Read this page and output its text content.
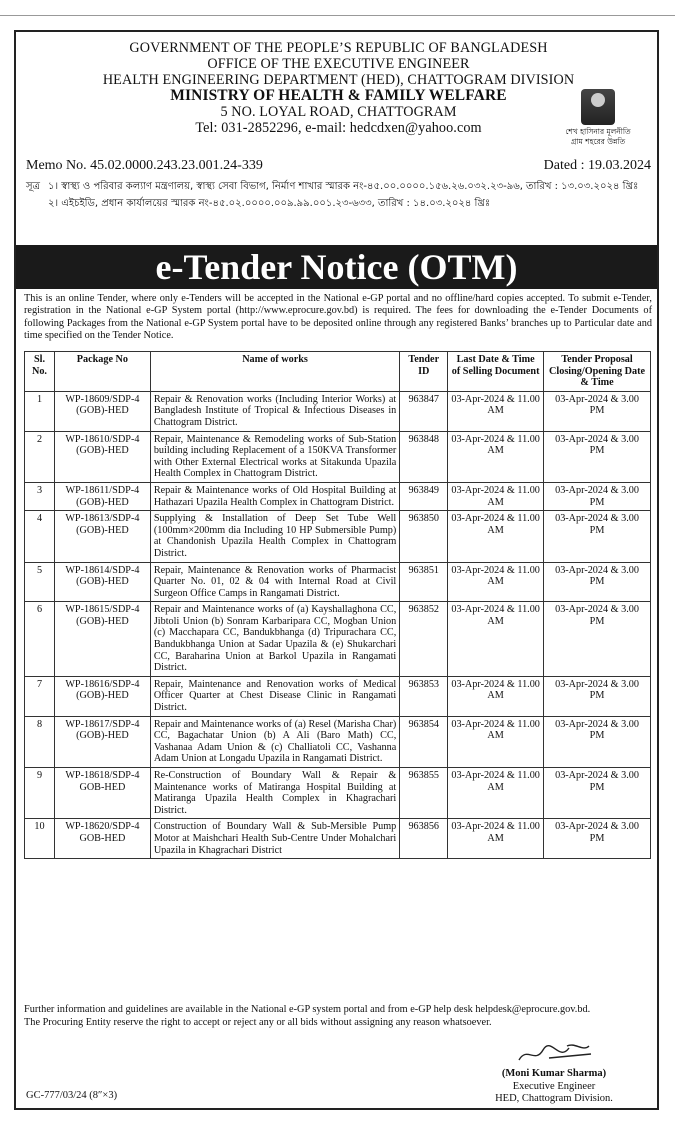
GOVERNMENT OF THE PEOPLE’S REPUBLIC OF BANGLADESH
OFFICE OF THE EXECUTIVE ENGINEER
HEALTH ENGINEERING DEPARTMENT (HED), CHATTOGRAM DIVISION
MINISTRY OF HEALTH & FAMILY WELFARE
5 NO. LOYAL ROAD, CHATTOGRAM
Tel: 031-2852296, e-mail: hedcdxen@yahoo.com	শেখ হাসিনার মূলনীতি গ্রাম শহরের উন্নতি
Memo No. 45.02.0000.243.23.001.24-339	Dated : 19.03.2024
সূত্র ১। স্বাস্থ্য ও পরিবার কল্যাণ মন্ত্রণালয়, স্বাস্থ্য সেবা বিভাগ, নির্মাণ শাখার স্মারক নং-৪৫.০০.০০০০.১৫৬.২৬.০৩২.২৩-৯৬, তারিখ : ১৩.০৩.২০২৪ খ্রিঃ
২। এইচইডি, প্রধান কার্যালয়ের স্মারক নং-৪৫.০২.০০০০.০০৯.৯৯.০০১.২৩-৬৩৩, তারিখ : ১৪.০৩.২০২৪ খ্রিঃ
e-Tender Notice (OTM)
This is an online Tender, where only e-Tenders will be accepted in the National e-GP portal and no offline/hard copies accepted. To submit e-Tender, registration in the National e-GP System portal (http://www.eprocure.gov.bd) is required. The fees for downloading the e-Tender Documents of following Packages from the National e-GP System portal have to be deposited online through any registered Banks’ branches up to Particular date and time specified on the Tender Notice.
Sl. No.	Package No	Name of works	Tender ID	Last Date & Time of Selling Document	Tender Proposal Closing/Opening Date & Time
1	WP-18609/SDP-4 (GOB)-HED	Repair & Renovation works (Including Interior Works) at Bangladesh Institute of Tropical & Infectious Diseases in Chattogram District.	963847	03-Apr-2024 & 11.00 AM	03-Apr-2024 & 3.00 PM
2	WP-18610/SDP-4 (GOB)-HED	Repair, Maintenance & Remodeling works of Sub-Station building including Replacement of a 150KVA Transformer with Other External Electrical works at Sitakunda Upazila Health Complex in Chattogram District.	963848	03-Apr-2024 & 11.00 AM	03-Apr-2024 & 3.00 PM
3	WP-18611/SDP-4 (GOB)-HED	Repair & Maintenance works of Old Hospital Building at Hathazari Upazila Health Complex in Chattogram District.	963849	03-Apr-2024 & 11.00 AM	03-Apr-2024 & 3.00 PM
4	WP-18613/SDP-4 (GOB)-HED	Supplying & Installation of Deep Set Tube Well (100mm×200mm dia Including 10 HP Submersible Pump) at Chandonish Upazila Health Complex in Chattogram District.	963850	03-Apr-2024 & 11.00 AM	03-Apr-2024 & 3.00 PM
5	WP-18614/SDP-4 (GOB)-HED	Repair, Maintenance & Renovation works of Pharmacist Quarter No. 01, 02 & 04 with Internal Road at Civil Surgeon Office Camps in Rangamati District.	963851	03-Apr-2024 & 11.00 AM	03-Apr-2024 & 3.00 PM
6	WP-18615/SDP-4 (GOB)-HED	Repair and Maintenance works of (a) Kayshallaghona CC, Jibtoli Union (b) Sonram Karbaripara CC, Mogban Union (c) Macchapara CC, Bandukbhanga (d) Tripurachara CC, Bandukbhanga Union at Sadar Upazila & (e) Shukarchari CC, Baraharina Union at Barkol Upazila in Rangamati District.	963852	03-Apr-2024 & 11.00 AM	03-Apr-2024 & 3.00 PM
7	WP-18616/SDP-4 (GOB)-HED	Repair, Maintenance and Renovation works of Medical Officer Quarter at Chest Disease Clinic in Rangamati District.	963853	03-Apr-2024 & 11.00 AM	03-Apr-2024 & 3.00 PM
8	WP-18617/SDP-4 (GOB)-HED	Repair and Maintenance works of (a) Resel (Marisha Char) CC, Bagachatar Union (b) A Ali (Baro Math) CC, Vashanaa Adam Union & (c) Challiatoli CC, Vashanna Adam Union at Longadu Upazila in Rangamati District.	963854	03-Apr-2024 & 11.00 AM	03-Apr-2024 & 3.00 PM
9	WP-18618/SDP-4 GOB-HED	Re-Construction of Boundary Wall & Repair & Maintenance works of Matiranga Hospital Building at Matiranga Upazila Health Complex in Khagrachari District.	963855	03-Apr-2024 & 11.00 AM	03-Apr-2024 & 3.00 PM
10	WP-18620/SDP-4 GOB-HED	Construction of Boundary Wall & Sub-Mersible Pump Motor at Maishchari Health Sub-Centre Under Mohalchari Upazila in Khagrachari District	963856	03-Apr-2024 & 11.00 AM	03-Apr-2024 & 3.00 PM
Further information and guidelines are available in the National e-GP system portal and from e-GP help desk helpdesk@eprocure.gov.bd.
The Procuring Entity reserve the right to accept or reject any or all bids without assigning any reason whatsoever.
(Moni Kumar Sharma)
Executive Engineer
HED, Chattogram Division.
GC-777/03/24 (8″×3)
